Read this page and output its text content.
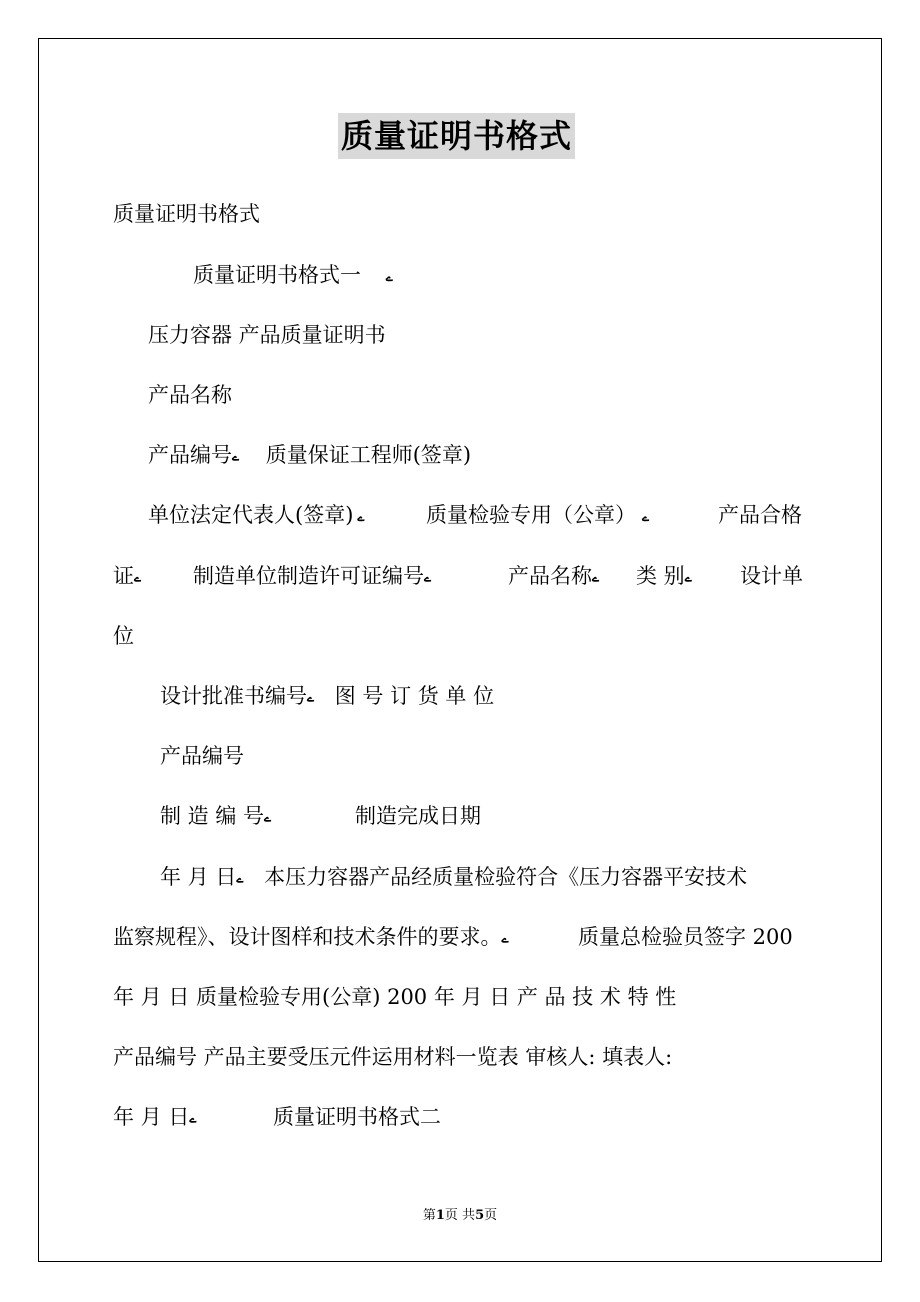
质量证明书格式
质量证明书格式
质量证明书格式一 ے
压力容器 产品质量证明书
产品名称
产品编号ے 质量保证工程师(签章)
单位法定代表人(签章) ے	质量检验专用（公章） ے	产品合格
证ے 制造单位制造许可证编号ے	产品名称ے 类 别ے 设计单
位
设计批准书编号ے 图 号 订 货 单 位
产品编号
制 造 编 号ے	制造完成日期
年 月 日ے 本压力容器产品经质量检验符合《压力容器平安技术
监察规程》、设计图样和技术条件的要求。ے	质量总检验员签字 200
年 月 日 质量检验专用(公章) 200 年 月 日 产 品 技 术 特 性
产品编号 产品主要受压元件运用材料一览表 审核人: 填表人:
年 月 日ے	质量证明书格式二
第1页 共5页
